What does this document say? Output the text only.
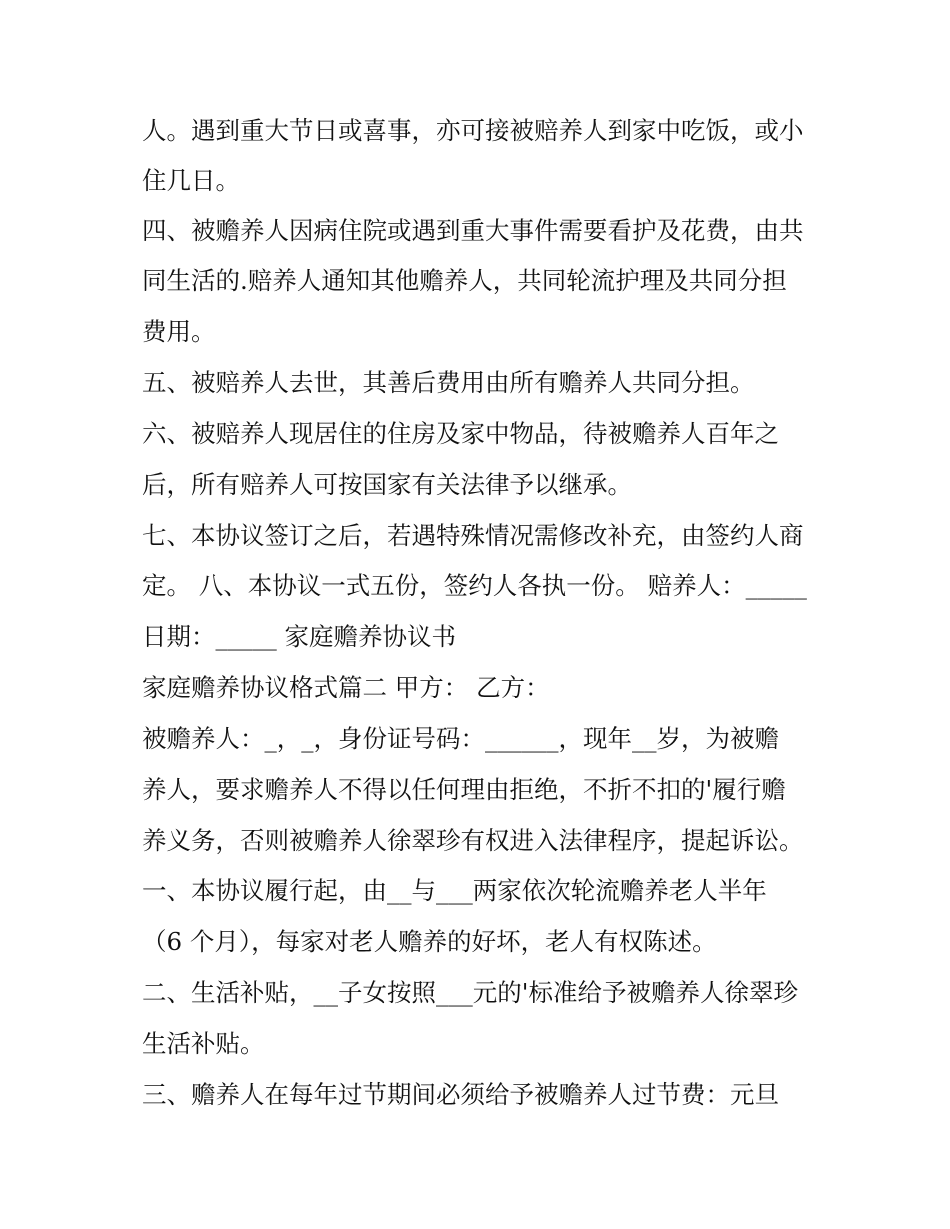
人。遇到重大节日或喜事，亦可接被赔养人到家中吃饭，或小
住几日。
四、被赡养人因病住院或遇到重大事件需要看护及花费，由共
同生活的.赔养人通知其他赡养人，共同轮流护理及共同分担
费用。
五、被赔养人去世，其善后费用由所有赡养人共同分担。
六、被赔养人现居住的住房及家中物品，待被赡养人百年之
后，所有赔养人可按国家有关法律予以继承。
七、本协议签订之后，若遇特殊情况需修改补充，由签约人商
定。 八、本协议一式五份，签约人各执一份。 赔养人：_____
日期：_____ 家庭赡养协议书
家庭赡养协议格式篇二 甲方： 乙方：
被赡养人：_，_，身份证号码：______，现年__岁，为被赡
养人，要求赡养人不得以任何理由拒绝，不折不扣的'履行赡
养义务，否则被赡养人徐翠珍有权进入法律程序，提起诉讼。
一、本协议履行起，由__与___两家依次轮流赡养老人半年
（6 个月），每家对老人赡养的好坏，老人有权陈述。
二、生活补贴，__子女按照___元的'标准给予被赡养人徐翠珍
生活补贴。
三、赡养人在每年过节期间必须给予被赡养人过节费：元旦
